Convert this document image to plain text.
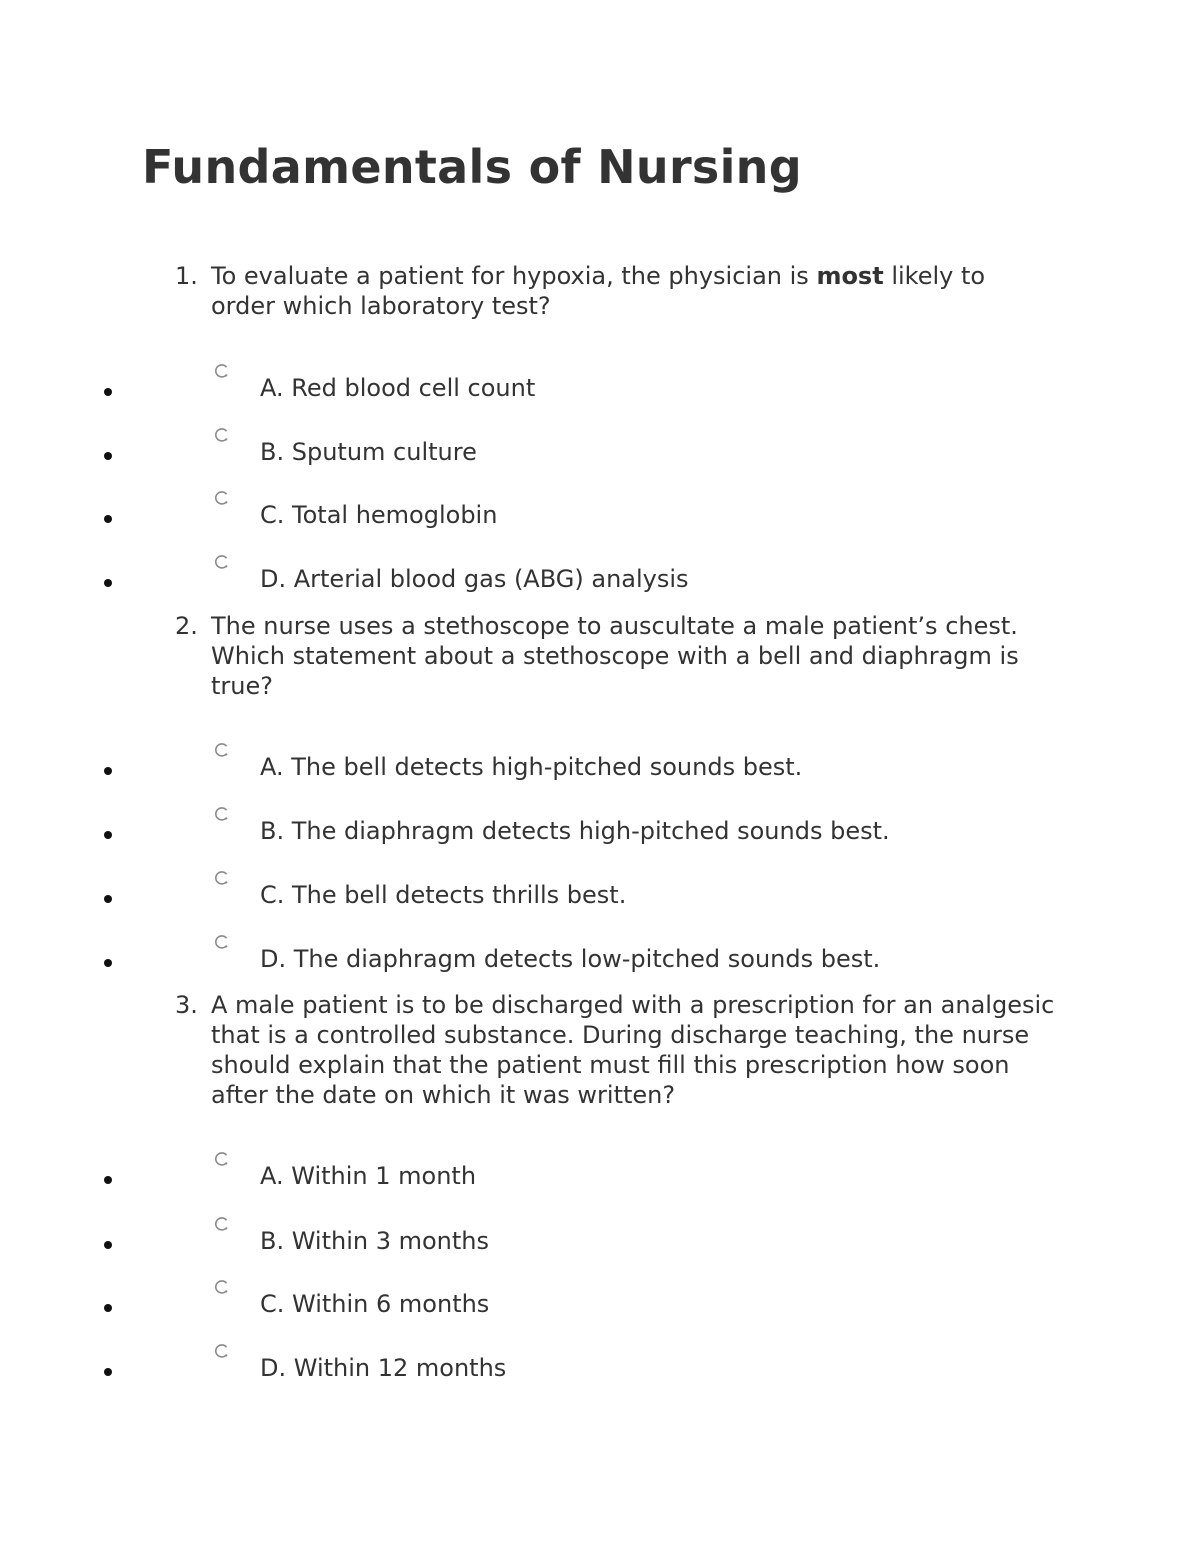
Fundamentals of Nursing
1. To evaluate a patient for hypoxia, the physician is most likely to order which laboratory test?
A. Red blood cell count
B. Sputum culture
C. Total hemoglobin
D. Arterial blood gas (ABG) analysis
2. The nurse uses a stethoscope to auscultate a male patient’s chest. Which statement about a stethoscope with a bell and diaphragm is true?
A. The bell detects high-pitched sounds best.
B. The diaphragm detects high-pitched sounds best.
C. The bell detects thrills best.
D. The diaphragm detects low-pitched sounds best.
3. A male patient is to be discharged with a prescription for an analgesic that is a controlled substance. During discharge teaching, the nurse should explain that the patient must fill this prescription how soon after the date on which it was written?
A. Within 1 month
B. Within 3 months
C. Within 6 months
D. Within 12 months
